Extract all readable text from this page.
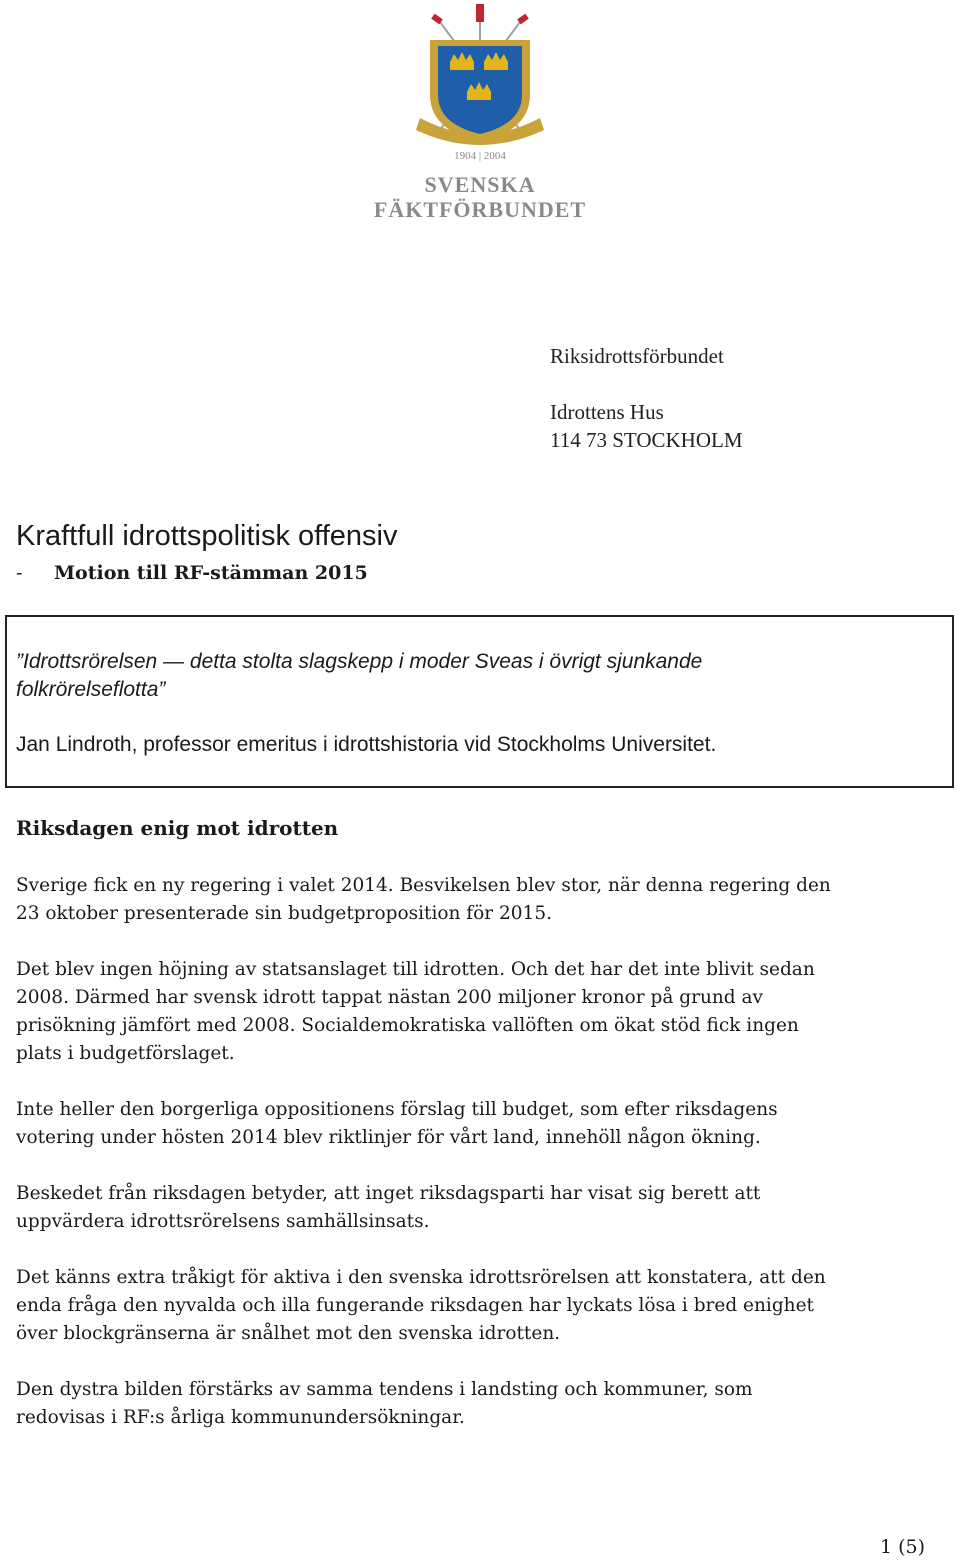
1904 | 2004
SVENSKA
FÄKTFÖRBUNDET
Riksidrottsförbundet
Idrottens Hus
114 73 STOCKHOLM
Kraftfull idrottspolitisk offensiv
- Motion till RF-stämman 2015
”Idrottsrörelsen — detta stolta slagskepp i moder Sveas i övrigt sjunkande
folkrörelseflotta”
Jan Lindroth, professor emeritus i idrottshistoria vid Stockholms Universitet.
Riksdagen enig mot idrotten
Sverige fick en ny regering i valet 2014. Besvikelsen blev stor, när denna regering den
23 oktober presenterade sin budgetproposition för 2015.
Det blev ingen höjning av statsanslaget till idrotten. Och det har det inte blivit sedan
2008. Därmed har svensk idrott tappat nästan 200 miljoner kronor på grund av
prisökning jämfört med 2008. Socialdemokratiska vallöften om ökat stöd fick ingen
plats i budgetförslaget.
Inte heller den borgerliga oppositionens förslag till budget, som efter riksdagens
votering under hösten 2014 blev riktlinjer för vårt land, innehöll någon ökning.
Beskedet från riksdagen betyder, att inget riksdagsparti har visat sig berett att
uppvärdera idrottsrörelsens samhällsinsats.
Det känns extra tråkigt för aktiva i den svenska idrottsrörelsen att konstatera, att den
enda fråga den nyvalda och illa fungerande riksdagen har lyckats lösa i bred enighet
över blockgränserna är snålhet mot den svenska idrotten.
Den dystra bilden förstärks av samma tendens i landsting och kommuner, som
redovisas i RF:s årliga kommunundersökningar.
1 (5)
